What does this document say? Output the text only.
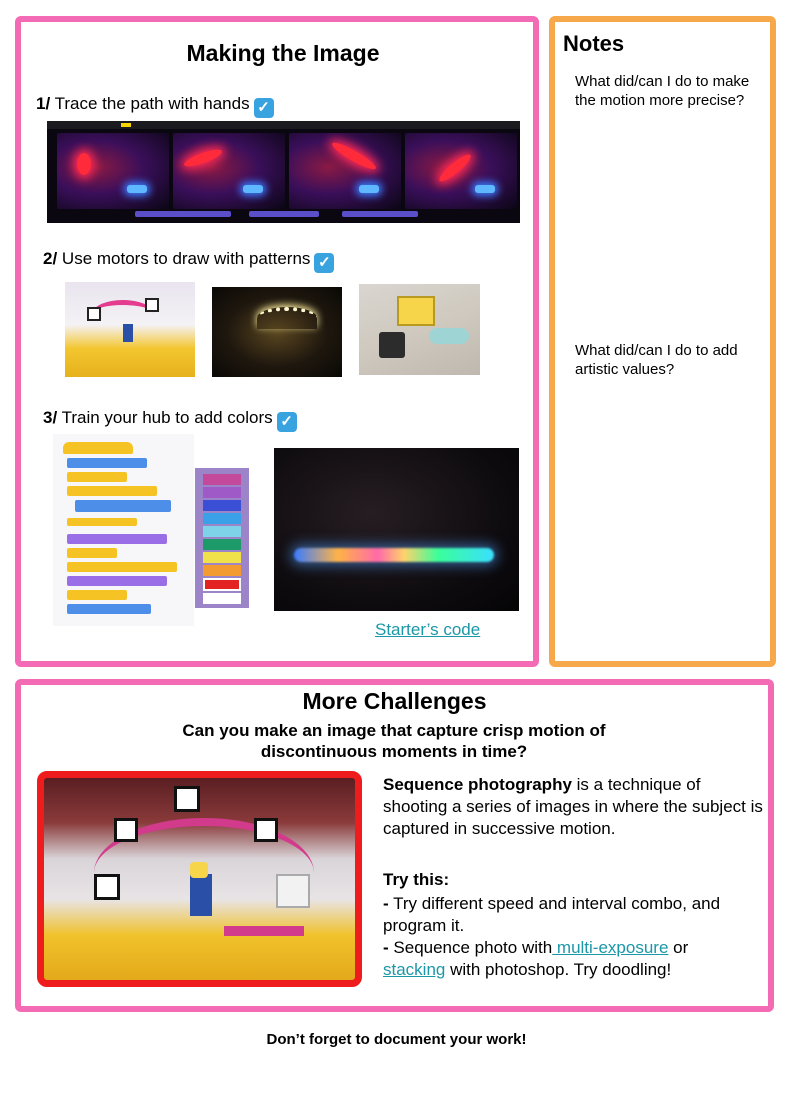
Making the Image
1/ Trace the path with hands ✓
2/ Use motors to draw with patterns ✓
3/ Train your hub to add colors ✓
Starter’s code
Notes
What did/can I do to make the motion more precise?
What did/can I do to add artistic values?
More Challenges
Can you make an image that capture crisp motion of discontinuous moments in time?
Sequence photography is a technique of shooting a series of images in where the subject is captured in successive motion.
Try this:
- Try different speed and interval combo, and program it.
- Sequence photo with multi-exposure or
stacking with photoshop. Try doodling!
Don’t forget to document your work!
